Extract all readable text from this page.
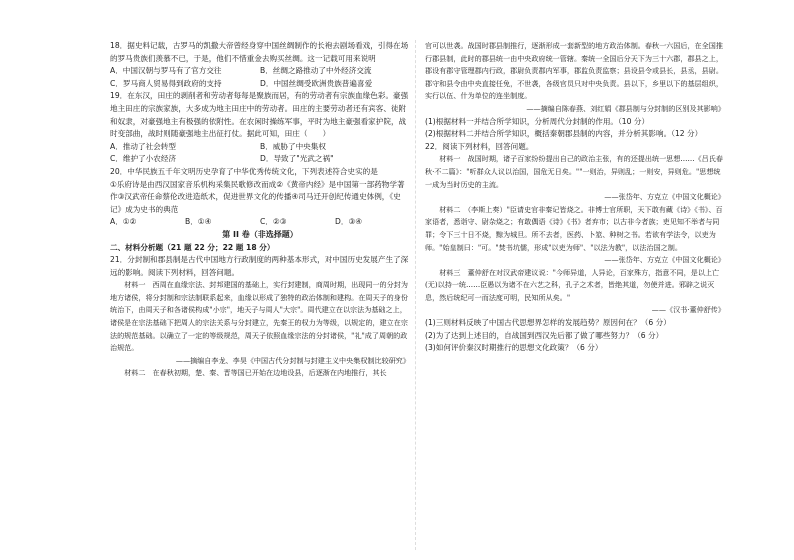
18．据史料记载，古罗马的凯撒大帝曾经身穿中国丝绸制作的长袍去剧场看戏，引得在场的罗马贵族们羡慕不已，于是，他们不惜重金去购买丝绸。这一记载可用来说明

A．中国汉朝与罗马有了官方交往	B．丝绸之路推动了中外经济交流
C．罗马商人贸易得到政府的支持	D．中国丝绸受欧洲贵族普遍喜爱

19．在东汉，田庄的剥削者和劳动者每每是聚族而居，有的劳动者有宗族血缘色彩。豪强地主田庄的宗族家族，大多成为地主田庄中的劳动者。田庄的主要劳动者还有宾客、徒附和奴隶，对豪强地主有极强的依附性。在农闲时操练军事，平时为地主豪强看家护院，战时变部曲，战时则随豪强地主出征打仗。据此可知，田庄（　　）

A．推动了社会转型	B．威胁了中央集权
C．维护了小农经济	D．导致了"光武之祸"

20．中华民族五千年文明历史孕育了中华优秀传统文化，下列表述符合史实的是

①乐府诗是由西汉国家音乐机构采集民歌修改而成②《黄帝内经》是中国第一部药物学著作③汉武帝任命蔡伦改进造纸术，促进世界文化的传播④司马迁开创纪传通史体例，《史记》成为史书的典范

A．①②	B．①④	C．②③	D．③④

第 II 卷（非选择题）

二、材料分析题（21 题 22 分；22 题 18 分）

21．分封制和郡县制是古代中国地方行政制度的两种基本形式，对中国历史发展产生了深远的影响。阅读下列材料，回答问题。

材料一　西周在血缘宗法、封邦建国的基础上，实行封建制，商周时期，出现同一的分封为地方诸侯，将分封制和宗法制联系起来，血缘以形成了独特的政治体制和建构。在周天子的身份统治下，由周天子和各诸侯构成"小宗"，地天子与周人"大宗"。周代建立在以宗法为基础之上，诸侯是在宗法基础下把周人的宗法关系与分封建立，先秦王的权力为等级，以规定的，建立在宗法的规范基础。以确立了一定的等级规范，周天子依照血缘宗法的分封诸侯，"礼"成了周朝的政治规范。

——摘编自李龙、李昊《中国古代分封制与封建主义中央集权制比较研究》

材料二　在春秋初期，楚、秦、晋等国已开始在边地设县，后逐渐在内地推行，其长

官可以世袭。战国时郡县制推行，逐渐形成一套新型的地方政治体制。春秋一六国后，在全国推行郡县制，此时的郡县统一由中央政府统一管辖。秦统一全国后分天下为三十六郡，郡县之上，郡设有郡守管理郡内行政，郡尉负责郡内军事，郡监负责监察；县设县令或县长，县丞，县尉。郡守和县令由中央直接任免，不世袭，各级官员只对中央负责。县以下，乡里以下的基层组织，实行以伍、什为单位的连坐制度。

——摘编自陈春燕、刘红娟《郡县制与分封制的区别及其影响》

(1)根据材料一并结合所学知识，分析周代分封制的作用。（10 分）

(2)根据材料二并结合所学知识，概括秦朝郡县制的内容，并分析其影响。（12 分）

22．阅读下列材料，回答问题。

材料一　战国时期，诸子百家纷纷提出自己的政治主张，有的还提出统一思想……《吕氏春秋·不二篇》："听群众人议以治国，国危无日矣。""一则治，异则乱；一则安，异则危。"思想统一成为当时历史的主流。

——张岱年、方克立《中国文化概论》

材料二　（李斯上奏）"臣请史官非秦记皆烧之。非博士官所职，天下敢有藏《诗》《书》、百家语者，悉诣守、尉杂烧之；有敢偶语《诗》《书》者弃市；以古非今者族；吏见知不举者与同罪；令下三十日不烧，黥为城旦。所不去者，医药、卜筮、种树之书。若欲有学法令，以吏为师。"始皇制曰："可。"焚书坑儒，形成"以吏为师"、"以法为教"，以法治国之制。

——张岱年、方克立《中国文化概论》

材料三　董仲舒在对汉武帝建议说："今师异道，人异论，百家殊方，指意不同，是以上亡(无)以持一统……臣愚以为诸不在六艺之科，孔子之术者，皆绝其道，勿使并进。邪辟之说灭息，然后统纪可一而法度可明，民知所从矣。"

——《汉书·董仲舒传》

(1)三则材料反映了中国古代思想界怎样的发展趋势？原因何在？（6 分）

(2)为了达到上述目的，自战国到西汉先后都了做了哪些努力？（6 分）

(3)如何评价秦汉时期推行的思想文化政策？（6 分）
